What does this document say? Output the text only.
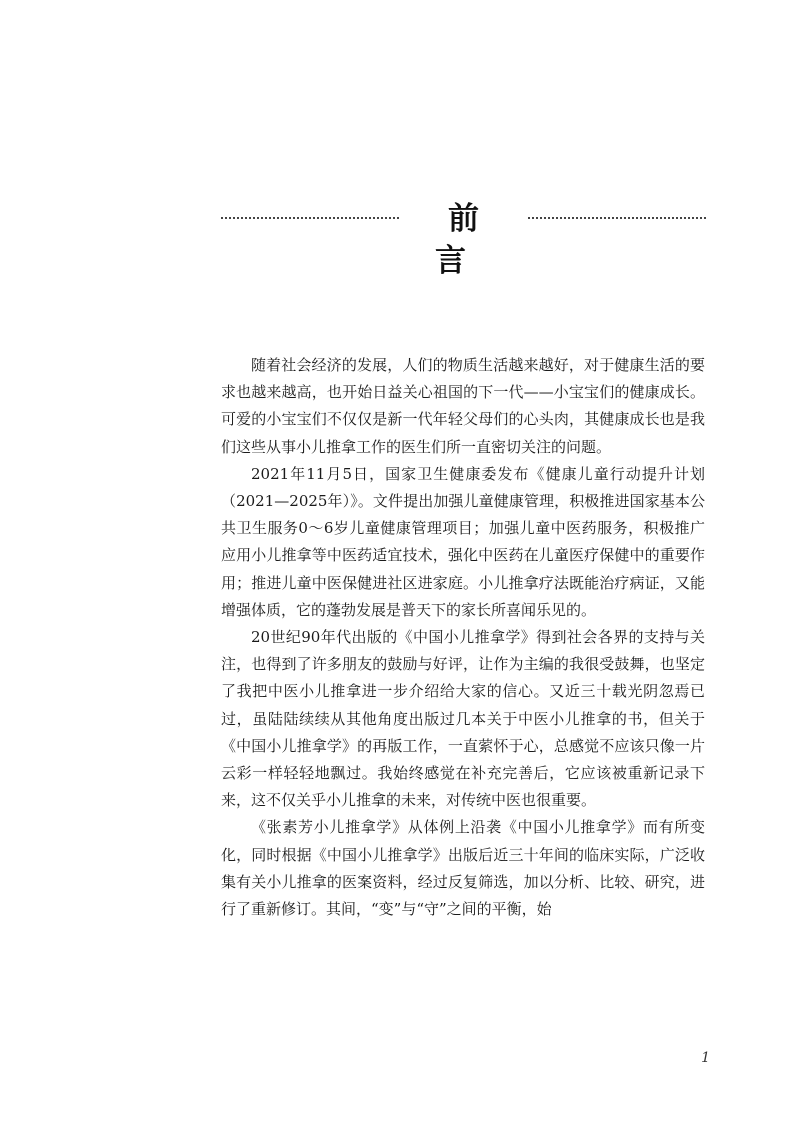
前言

随着社会经济的发展，人们的物质生活越来越好，对于健康生活的要求也越来越高，也开始日益关心祖国的下一代——小宝宝们的健康成长。可爱的小宝宝们不仅仅是新一代年轻父母们的心头肉，其健康成长也是我们这些从事小儿推拿工作的医生们所一直密切关注的问题。

2021年11月5日，国家卫生健康委发布《健康儿童行动提升计划（2021—2025年）》。文件提出加强儿童健康管理，积极推进国家基本公共卫生服务0～6岁儿童健康管理项目；加强儿童中医药服务，积极推广应用小儿推拿等中医药适宜技术，强化中医药在儿童医疗保健中的重要作用；推进儿童中医保健进社区进家庭。小儿推拿疗法既能治疗病证，又能增强体质，它的蓬勃发展是普天下的家长所喜闻乐见的。

20世纪90年代出版的《中国小儿推拿学》得到社会各界的支持与关注，也得到了许多朋友的鼓励与好评，让作为主编的我很受鼓舞，也坚定了我把中医小儿推拿进一步介绍给大家的信心。又近三十载光阴忽焉已过，虽陆陆续续从其他角度出版过几本关于中医小儿推拿的书，但关于《中国小儿推拿学》的再版工作，一直萦怀于心，总感觉不应该只像一片云彩一样轻轻地飘过。我始终感觉在补充完善后，它应该被重新记录下来，这不仅关乎小儿推拿的未来，对传统中医也很重要。

《张素芳小儿推拿学》从体例上沿袭《中国小儿推拿学》而有所变化，同时根据《中国小儿推拿学》出版后近三十年间的临床实际，广泛收集有关小儿推拿的医案资料，经过反复筛选，加以分析、比较、研究，进行了重新修订。其间，“变”与“守”之间的平衡，始

1
